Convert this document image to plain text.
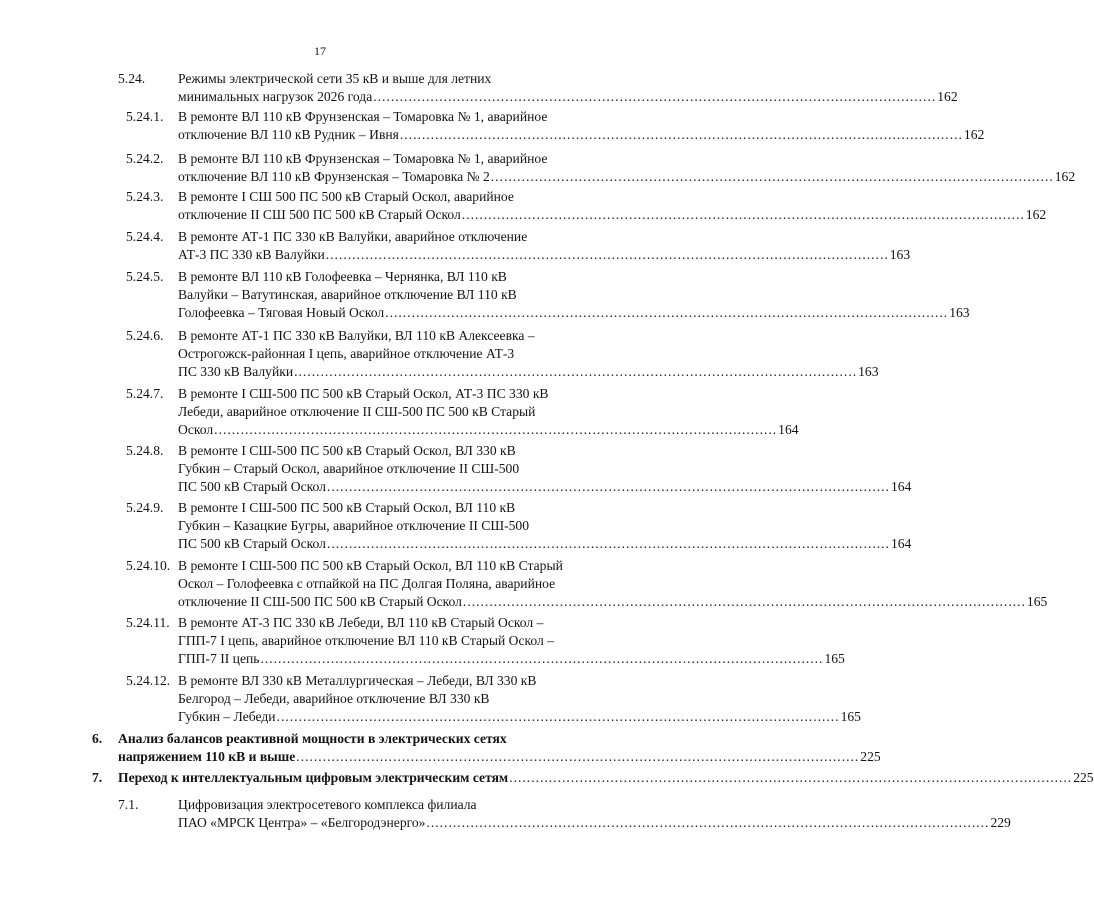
17
5.24. Режимы электрической сети 35 кВ и выше для летних
минимальных нагрузок 2026 года ................................................................................................................................ 162
5.24.1. В ремонте ВЛ 110 кВ Фрунзенская – Томаровка № 1, аварийное
отключение ВЛ 110 кВ Рудник – Ивня ................................................................................................................................ 162
5.24.2. В ремонте ВЛ 110 кВ Фрунзенская – Томаровка № 1, аварийное
отключение ВЛ 110 кВ Фрунзенская – Томаровка № 2 ................................................................................................................................ 162
5.24.3. В ремонте I СШ 500 ПС 500 кВ Старый Оскол, аварийное
отключение II СШ 500 ПС 500 кВ Старый Оскол ................................................................................................................................ 162
5.24.4. В ремонте АТ-1 ПС 330 кВ Валуйки, аварийное отключение
АТ-3 ПС 330 кВ Валуйки ................................................................................................................................ 163
5.24.5. В ремонте ВЛ 110 кВ Голофеевка – Чернянка, ВЛ 110 кВ
Валуйки – Ватутинская, аварийное отключение ВЛ 110 кВ
Голофеевка – Тяговая Новый Оскол ................................................................................................................................ 163
5.24.6. В ремонте АТ-1 ПС 330 кВ Валуйки, ВЛ 110 кВ Алексеевка –
Острогожск-районная I цепь, аварийное отключение АТ-3
ПС 330 кВ Валуйки ................................................................................................................................ 163
5.24.7. В ремонте I СШ-500 ПС 500 кВ Старый Оскол, АТ-3 ПС 330 кВ
Лебеди, аварийное отключение II СШ-500 ПС 500 кВ Старый
Оскол ................................................................................................................................ 164
5.24.8. В ремонте I СШ-500 ПС 500 кВ Старый Оскол, ВЛ 330 кВ
Губкин – Старый Оскол, аварийное отключение II СШ-500
ПС 500 кВ Старый Оскол ................................................................................................................................ 164
5.24.9. В ремонте I СШ-500 ПС 500 кВ Старый Оскол, ВЛ 110 кВ
Губкин – Казацкие Бугры, аварийное отключение II СШ-500
ПС 500 кВ Старый Оскол ................................................................................................................................ 164
5.24.10. В ремонте I СШ-500 ПС 500 кВ Старый Оскол, ВЛ 110 кВ Старый
Оскол – Голофеевка с отпайкой на ПС Долгая Поляна, аварийное
отключение II СШ-500 ПС 500 кВ Старый Оскол ................................................................................................................................ 165
5.24.11. В ремонте АТ-3 ПС 330 кВ Лебеди, ВЛ 110 кВ Старый Оскол –
ГПП-7 I цепь, аварийное отключение ВЛ 110 кВ Старый Оскол –
ГПП-7 II цепь ................................................................................................................................ 165
5.24.12. В ремонте ВЛ 330 кВ Металлургическая – Лебеди, ВЛ 330 кВ
Белгород – Лебеди, аварийное отключение ВЛ 330 кВ
Губкин – Лебеди ................................................................................................................................ 165
6. Анализ балансов реактивной мощности в электрических сетях
напряжением 110 кВ и выше ................................................................................................................................ 225
7. Переход к интеллектуальным цифровым электрическим сетям ................................................................................................................................ 225
7.1.	Цифровизация электросетевого комплекса филиала
ПАО «МРСК Центра» – «Белгородэнерго» ................................................................................................................................ 229
